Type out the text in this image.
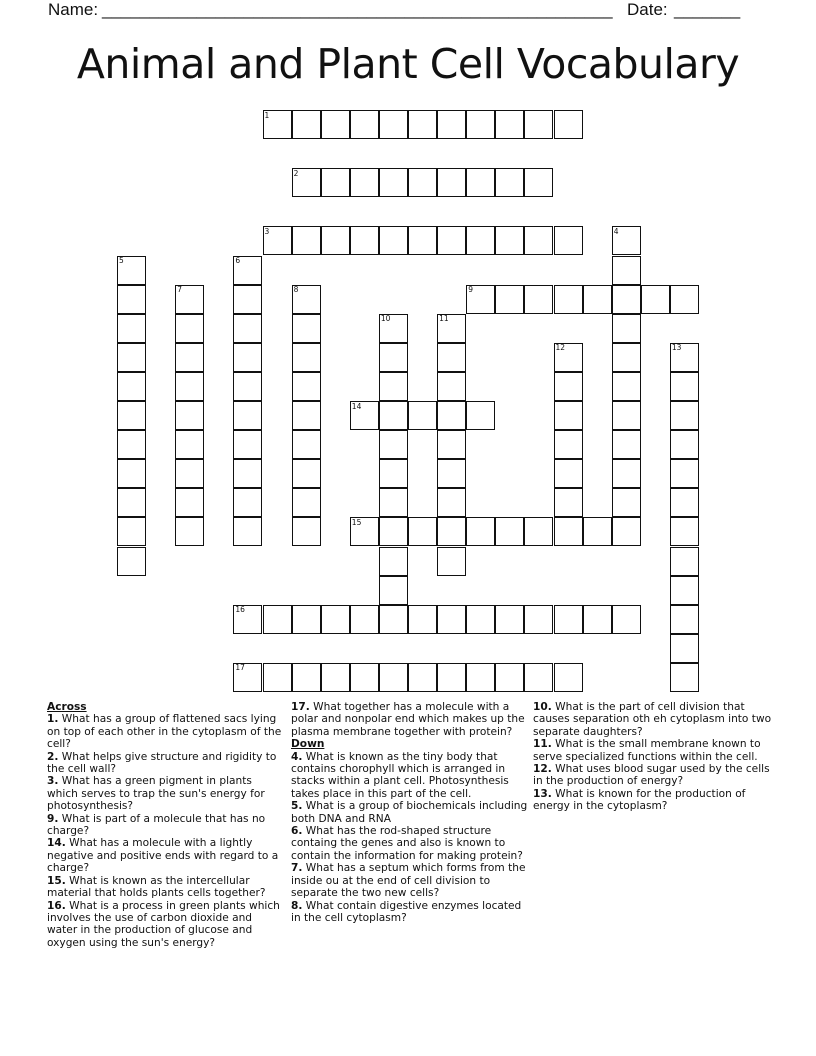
Name: ______________________________________________________ Date: _______
Animal and Plant Cell Vocabulary
1
2
3
9
14
15
16
17
4
5	6
7	8
10	11
12	13
Across
1. What has a group of flattened sacs lying on top of each other in the cytoplasm of the cell?
2. What helps give structure and rigidity to the cell wall?
3. What has a green pigment in plants which serves to trap the sun's energy for photosynthesis?
9. What is part of a molecule that has no charge?
14. What has a molecule with a lightly negative and positive ends with regard to a charge?
15. What is known as the intercellular material that holds plants cells together?
16. What is a process in green plants which involves the use of carbon dioxide and water in the production of glucose and oxygen using the sun's energy?
17. What together has a molecule with a polar and nonpolar end which makes up the plasma membrane together with protein?
Down
4. What is known as the tiny body that contains chorophyll which is arranged in stacks within a plant cell. Photosynthesis takes place in this part of the cell.
5. What is a group of biochemicals including both DNA and RNA
6. What has the rod-shaped structure containg the genes and also is known to contain the information for making protein?
7. What has a septum which forms from the inside ou at the end of cell division to separate the two new cells?
8. What contain digestive enzymes located in the cell cytoplasm?
10. What is the part of cell division that causes separation oth eh cytoplasm into two separate daughters?
11. What is the small membrane known to serve specialized functions within the cell.
12. What uses blood sugar used by the cells in the production of energy?
13. What is known for the production of energy in the cytoplasm?
